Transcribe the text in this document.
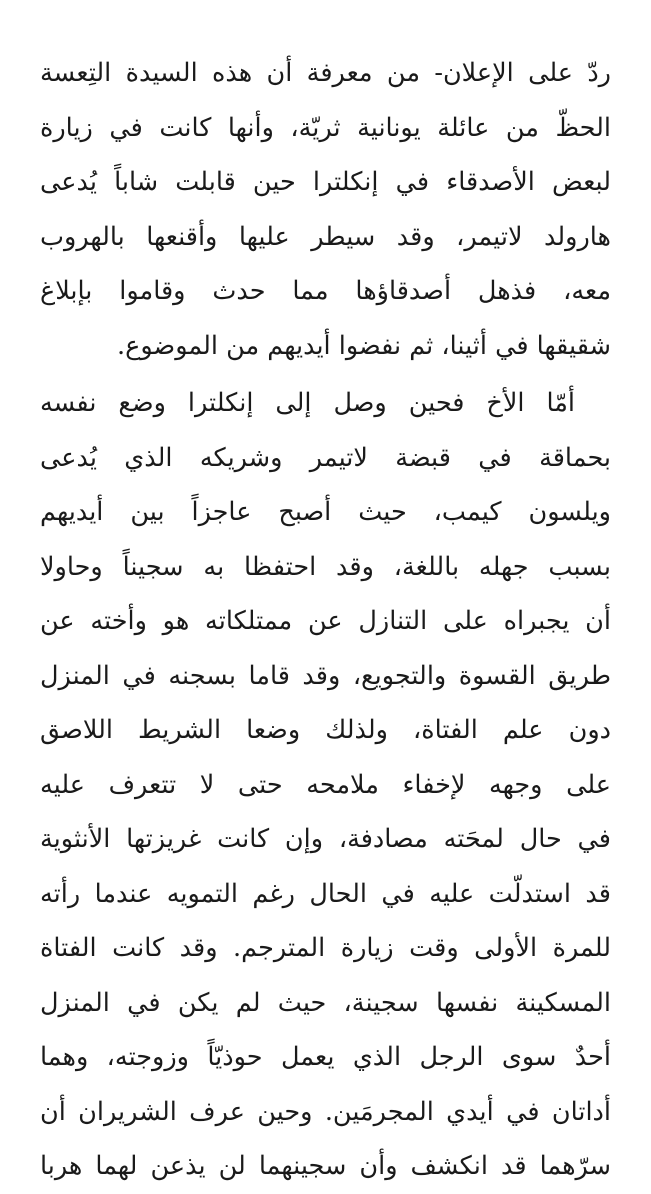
ردّ على الإعلان- من معرفة أن هذه السيدة التِعسة
الحظّ من عائلة يونانية ثريّة، وأنها كانت في زيارة
لبعض الأصدقاء في إنكلترا حين قابلت شاباً يُدعى
هارولد لاتيمر، وقد سيطر عليها وأقنعها بالهروب
معه، فذهل أصدقاؤها مما حدث وقاموا بإبلاغ
شقيقها في أثينا، ثم نفضوا أيديهم من الموضوع.
أمّا الأخ فحين وصل إلى إنكلترا وضع نفسه
بحماقة في قبضة لاتيمر وشريكه الذي يُدعى
ويلسون كيمب، حيث أصبح عاجزاً بين أيديهم
بسبب جهله باللغة، وقد احتفظا به سجيناً وحاولا
أن يجبراه على التنازل عن ممتلكاته هو وأخته عن
طريق القسوة والتجويع، وقد قاما بسجنه في المنزل
دون علم الفتاة، ولذلك وضعا الشريط اللاصق
على وجهه لإخفاء ملامحه حتى لا تتعرف عليه
في حال لمحَته مصادفة، وإن كانت غريزتها الأنثوية
قد استدلّت عليه في الحال رغم التمويه عندما رأته
للمرة الأولى وقت زيارة المترجم. وقد كانت الفتاة
المسكينة نفسها سجينة، حيث لم يكن في المنزل
أحدٌ سوى الرجل الذي يعمل حوذيّاً وزوجته، وهما
أداتان في أيدي المجرمَين. وحين عرف الشريران أن
سرّهما قد انكشف وأن سجينهما لن يذعن لهما هربا
